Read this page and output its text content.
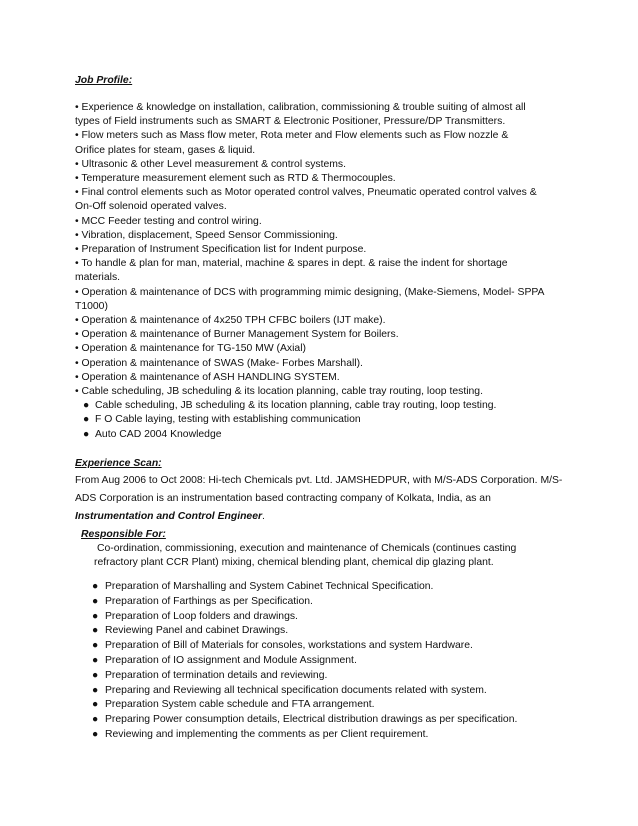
Job Profile:
• Experience & knowledge on installation, calibration, commissioning & trouble suiting of almost all
types of Field instruments such as SMART & Electronic Positioner, Pressure/DP Transmitters.
• Flow meters such as Mass flow meter, Rota meter and Flow elements such as Flow nozzle &
Orifice plates for steam, gases & liquid.
• Ultrasonic & other Level measurement & control systems.
• Temperature measurement element such as RTD & Thermocouples.
• Final control elements such as Motor operated control valves, Pneumatic operated control valves &
On-Off solenoid operated valves.
• MCC Feeder testing and control wiring.
• Vibration, displacement, Speed Sensor Commissioning.
• Preparation of Instrument Specification list for Indent purpose.
• To handle & plan for man, material, machine & spares in dept. & raise the indent for shortage
materials.
• Operation & maintenance of DCS with programming mimic designing, (Make-Siemens, Model- SPPA
T1000)
• Operation & maintenance of 4x250 TPH CFBC boilers (IJT make).
• Operation & maintenance of Burner Management System for Boilers.
• Operation & maintenance for TG-150 MW (Axial)
• Operation & maintenance of SWAS (Make- Forbes Marshall).
• Operation & maintenance of ASH HANDLING SYSTEM.
• Cable scheduling, JB scheduling & its location planning, cable tray routing, loop testing.
● Cable scheduling, JB scheduling & its location planning, cable tray routing, loop testing.
● F O Cable laying, testing with establishing communication
● Auto CAD 2004 Knowledge
Experience Scan:
From Aug 2006 to Oct 2008: Hi-tech Chemicals pvt. Ltd. JAMSHEDPUR, with M/S-ADS Corporation. M/S-
ADS Corporation is an instrumentation based contracting company of Kolkata, India, as an
Instrumentation and Control Engineer.
Responsible For:
Co-ordination, commissioning, execution and maintenance of Chemicals (continues casting
refractory plant CCR Plant) mixing, chemical blending plant, chemical dip glazing plant.
● Preparation of Marshalling and System Cabinet Technical Specification.
● Preparation of Farthings as per Specification.
● Preparation of Loop folders and drawings.
● Reviewing Panel and cabinet Drawings.
● Preparation of Bill of Materials for consoles, workstations and system Hardware.
● Preparation of IO assignment and Module Assignment.
● Preparation of termination details and reviewing.
● Preparing and Reviewing all technical specification documents related with system.
● Preparation System cable schedule and FTA arrangement.
● Preparing Power consumption details, Electrical distribution drawings as per specification.
● Reviewing and implementing the comments as per Client requirement.
